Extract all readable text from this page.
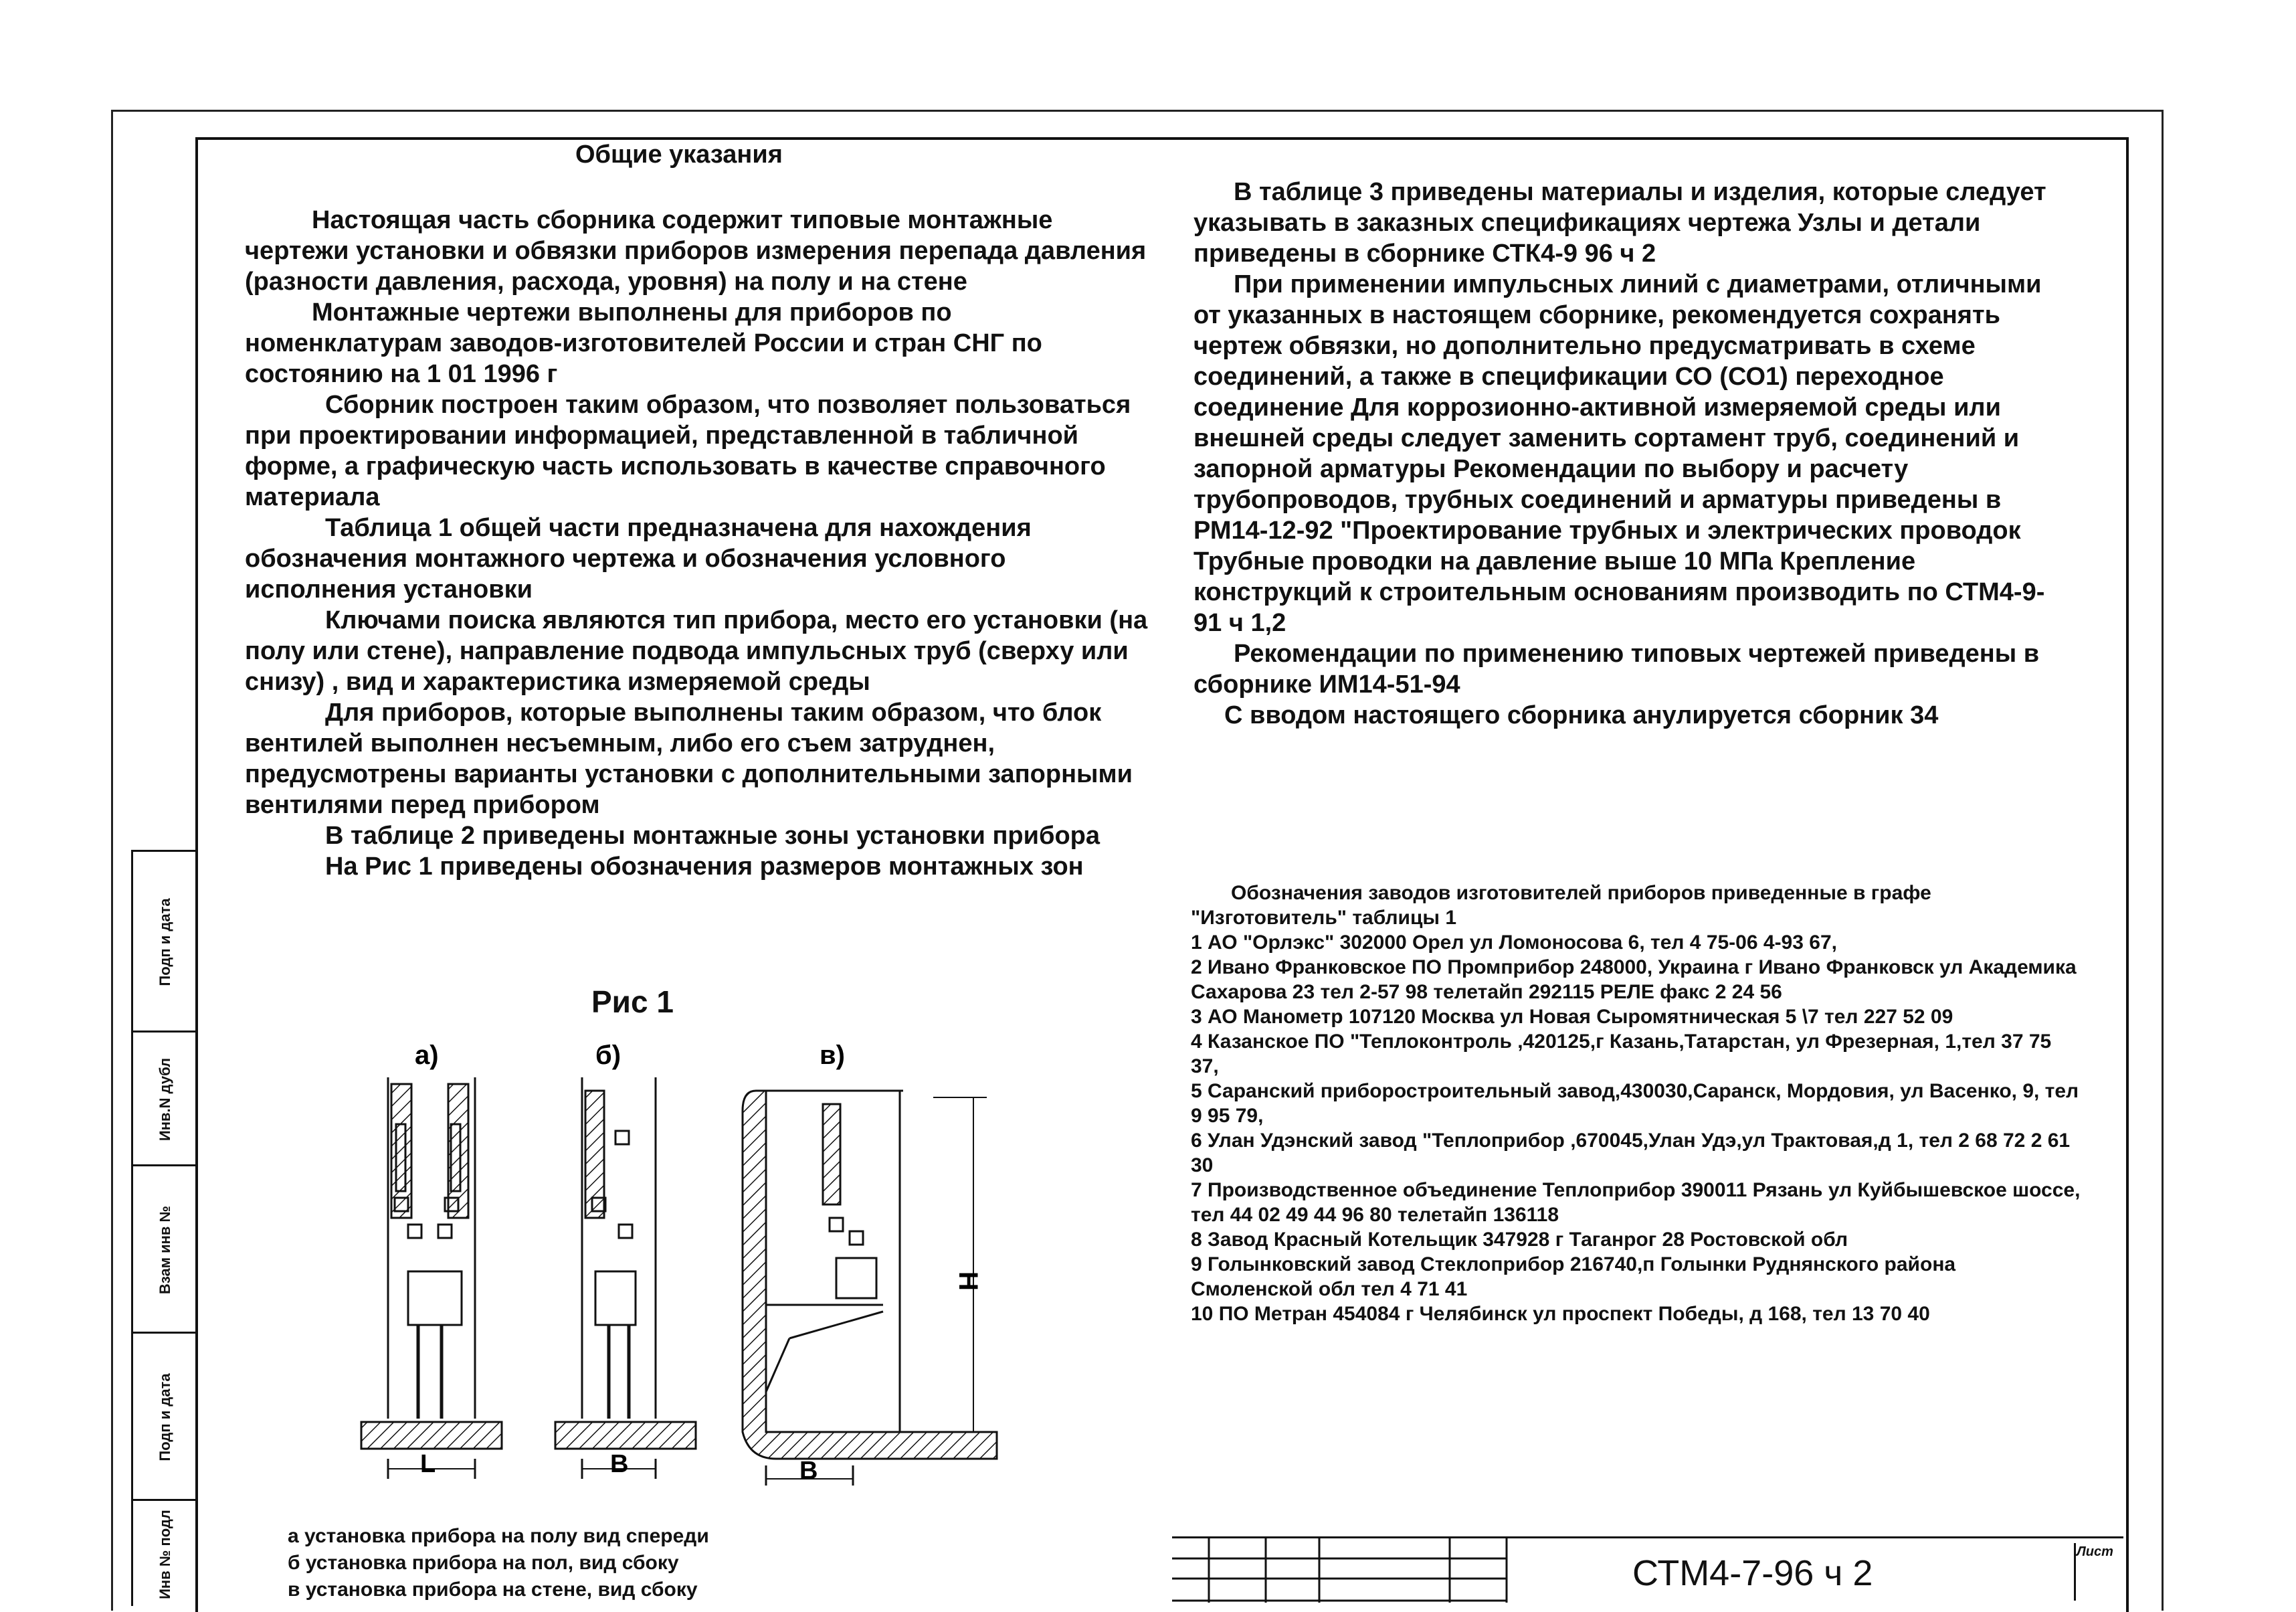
Общие указания

Настоящая часть сборника содержит типовые монтажные чертежи установки и обвязки приборов измерения перепада давления (разности давления, расхода, уровня) на полу и на стене

Монтажные чертежи выполнены для приборов по номенклатурам заводов-изготовителей России и стран СНГ по состоянию на 1 01 1996 г

Сборник построен таким образом, что позволяет пользоваться при проектировании информацией, представленной в табличной форме, а графическую часть использовать в качестве справочного материала

Таблица 1 общей части предназначена для нахождения обозначения монтажного чертежа и обозначения условного исполнения установки

Ключами поиска являются тип прибора, место его установки (на полу или стене), направление подвода импульсных труб (сверху или снизу) , вид и характеристика измеряемой среды

Для приборов, которые выполнены таким образом, что блок вентилей выполнен несъемным, либо его съем затруднен, предусмотрены варианты установки с дополнительными запорными вентилями перед прибором

В таблице 2 приведены монтажные зоны установки прибора

На Рис 1 приведены обозначения размеров монтажных зон

В таблице 3 приведены материалы и изделия, которые следует указывать в заказных спецификациях чертежа Узлы и детали приведены в сборнике СТК4-9 96 ч 2

При применении импульсных линий с диаметрами, отличными от указанных в настоящем сборнике, рекомендуется сохранять чертеж обвязки, но дополнительно предусматривать в схеме соединений, а также в спецификации СО (СО1) переходное соединение Для коррозионно-активной измеряемой среды или внешней среды следует заменить сортамент труб, соединений и запорной арматуры Рекомендации по выбору и расчету трубопроводов, трубных соединений и арматуры приведены в РМ14-12-92 "Проектирование трубных и электрических проводок Трубные проводки на давление выше 10 МПа Крепление конструкций к строительным основаниям производить по СТМ4-9-91 ч 1,2

Рекомендации по применению типовых чертежей приведены в сборнике ИМ14-51-94

С вводом настоящего сборника анулируется сборник 34

Обозначения заводов изготовителей приборов приведенные в графе "Изготовитель" таблицы 1

1 АО "Орлэкс" 302000 Орел ул Ломоносова 6, тел 4 75-06 4-93 67,

2 Ивано Франковское ПО Промприбор 248000, Украина г Ивано Франковск ул Академика Сахарова 23 тел 2-57 98 телетайп 292115 РЕЛЕ факс 2 24 56

3 АО Манометр 107120 Москва ул Новая Сыромятническая 5 \7 тел 227 52 09

4 Казанское ПО "Теплоконтроль ,420125,г Казань,Татарстан, ул Фрезерная, 1,тел 37 75 37,

5 Саранский приборостроительный завод,430030,Саранск, Мордовия, ул Васенко, 9, тел 9 95 79,

6 Улан Удэнский завод "Теплоприбор ,670045,Улан Удэ,ул Трактовая,д 1, тел 2 68 72 2 61 30

7 Производственное объединение Теплоприбор 390011 Рязань ул Куйбышевское шоссе, тел 44 02 49 44 96 80 телетайп 136118

8 Завод Красный Котельщик 347928 г Таганрог 28 Ростовской обл

9 Голынковский завод Стеклоприбор 216740,п Голынки Руднянского района Смоленской обл тел 4 71 41

10 ПО Метран 454084 г Челябинск ул проспект Победы, д 168, тел 13 70 40

Рис 1
а)
L
б)
B
в)
B
H

а установка прибора на полу вид спереди

б установка прибора на пол, вид сбоку

в установка прибора на стене, вид сбоку

Подп и дата
Инв.N дубл
Взам инв №
Подп и дата
Инв № подл	СТМ4-7-96 ч 2
Лист
